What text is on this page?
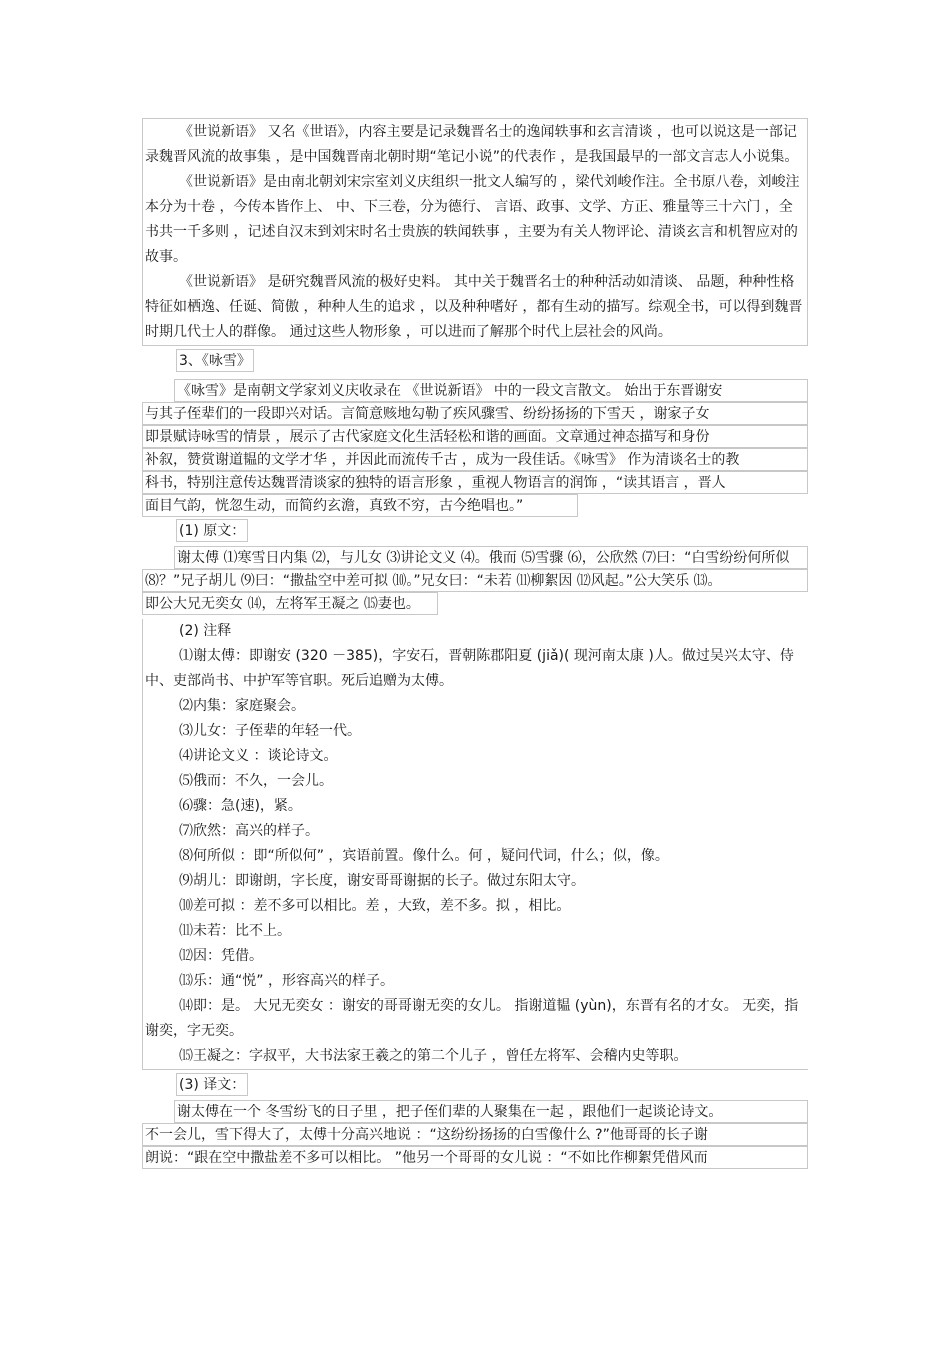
《世说新语》 又名《世语》，内容主要是记录魏晋名士的逸闻轶事和玄言清谈 ，也可以说这是一部记录魏晋风流的故事集 ，是中国魏晋南北朝时期“笔记小说”的代表作 ，是我国最早的一部文言志人小说集。

《世说新语》是由南北朝刘宋宗室刘义庆组织一批文人编写的 ，梁代刘峻作注。全书原八卷，刘峻注本分为十卷 ，今传本皆作上、 中、下三卷，分为德行、 言语、政事、文学、方正、雅量等三十六门 ，全书共一千多则 ，记述自汉末到刘宋时名士贵族的轶闻轶事 ，主要为有关人物评论、清谈玄言和机智应对的故事。

《世说新语》 是研究魏晋风流的极好史料。 其中关于魏晋名士的种种活动如清谈、 品题，种种性格特征如栖逸、任诞、简傲 ，种种人生的追求 ，以及种种嗜好 ，都有生动的描写。综观全书，可以得到魏晋时期几代士人的群像。 通过这些人物形象 ，可以进而了解那个时代上层社会的风尚。

3、《咏雪》
《咏雪》是南朝文学家刘义庆收录在 《世说新语》 中的一段文言散文。 始出于东晋谢安
与其子侄辈们的一段即兴对话。言简意赅地勾勒了疾风骤雪、纷纷扬扬的下雪天 ，谢家子女
即景赋诗咏雪的情景 ，展示了古代家庭文化生活轻松和谐的画面。文章通过神态描写和身份
补叙，赞赏谢道韫的文学才华 ，并因此而流传千古 ，成为一段佳话。《咏雪》 作为清谈名士的教
科书，特别注意传达魏晋清谈家的独特的语言形象 ，重视人物语言的润饰 ，“读其语言 ，晋人
面目气韵，恍忽生动，而简约玄澹，真致不穷，古今绝唱也。”
(1) 原文：
谢太傅 ⑴寒雪日内集 ⑵，与儿女 ⑶讲论文义 ⑷。俄而 ⑸雪骤 ⑹，公欣然 ⑺曰：“白雪纷纷何所似
⑻？”兄子胡儿 ⑼曰：“撒盐空中差可拟 ⑽。”兄女曰：“未若 ⑾柳絮因 ⑿风起。”公大笑乐 ⒀。
即公大兄无奕女 ⒁，左将军王凝之 ⒂妻也。

(2) 注释

⑴谢太傅：即谢安 (320 －385)，字安石，晋朝陈郡阳夏 (jiǎ)( 现河南太康 )人。做过吴兴太守、侍中、吏部尚书、中护军等官职。死后追赠为太傅。

⑵内集：家庭聚会。

⑶儿女：子侄辈的年轻一代。

⑷讲论文义 ：谈论诗文。

⑸俄而：不久，一会儿。

⑹骤：急(速)，紧。

⑺欣然：高兴的样子。

⑻何所似 ：即“所似何” ，宾语前置。像什么。何 ，疑问代词，什么；似，像。

⑼胡儿：即谢朗，字长度，谢安哥哥谢据的长子。做过东阳太守。

⑽差可拟 ：差不多可以相比。差 ，大致，差不多。拟 ，相比。

⑾未若：比不上。

⑿因：凭借。

⒀乐：通“悦” ，形容高兴的样子。

⒁即：是。 大兄无奕女 ：谢安的哥哥谢无奕的女儿。 指谢道韫 (yùn)，东晋有名的才女。 无奕，指谢奕，字无奕。

⒂王凝之：字叔平，大书法家王羲之的第二个儿子 ，曾任左将军、会稽内史等职。

(3) 译文：
谢太傅在一个 冬雪纷飞的日子里 ，把子侄们辈的人聚集在一起 ，跟他们一起谈论诗文。
不一会儿，雪下得大了，太傅十分高兴地说 ：“这纷纷扬扬的白雪像什么 ?”他哥哥的长子谢
朗说：“跟在空中撒盐差不多可以相比。 ”他另一个哥哥的女儿说 ：“不如比作柳絮凭借风而
